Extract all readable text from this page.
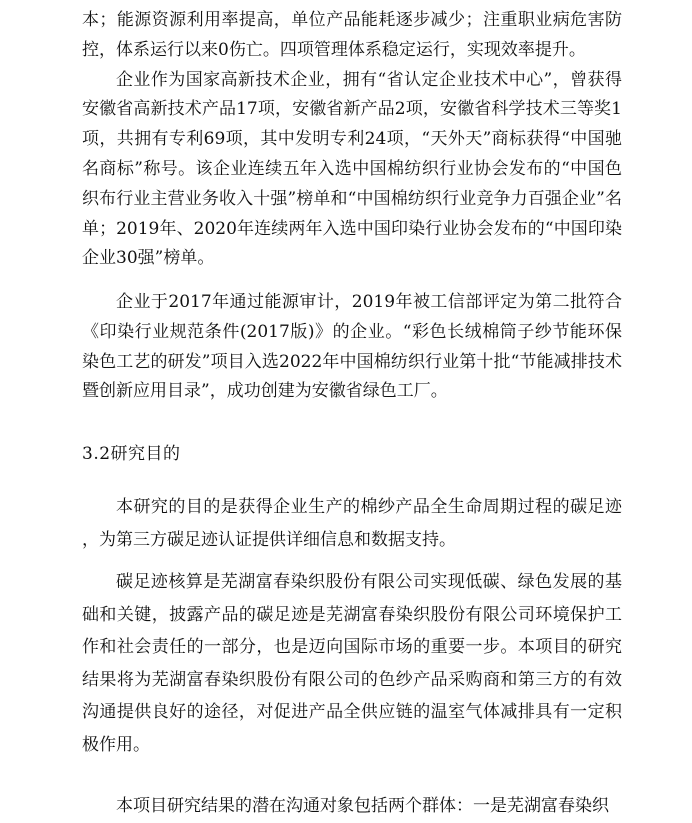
本；能源资源利用率提高，单位产品能耗逐步减少；注重职业病危害防控，体系运行以来0伤亡。四项管理体系稳定运行，实现效率提升。

企业作为国家高新技术企业，拥有“省认定企业技术中心”，曾获得安徽省高新技术产品17项，安徽省新产品2项，安徽省科学技术三等奖1项，共拥有专利69项，其中发明专利24项，“天外天”商标获得“中国驰名商标”称号。该企业连续五年入选中国棉纺织行业协会发布的“中国色织布行业主营业务收入十强”榜单和“中国棉纺织行业竞争力百强企业”名单；2019年、2020年连续两年入选中国印染行业协会发布的“中国印染企业30强”榜单。

企业于2017年通过能源审计，2019年被工信部评定为第二批符合《印染行业规范条件(2017版)》的企业。“彩色长绒棉筒子纱节能环保染色工艺的研发”项目入选2022年中国棉纺织行业第十批“节能减排技术暨创新应用目录”，成功创建为安徽省绿色工厂。

3.2研究目的

本研究的目的是获得企业生产的棉纱产品全生命周期过程的碳足迹，为第三方碳足迹认证提供详细信息和数据支持。

碳足迹核算是芜湖富春染织股份有限公司实现低碳、绿色发展的基础和关键，披露产品的碳足迹是芜湖富春染织股份有限公司环境保护工作和社会责任的一部分，也是迈向国际市场的重要一步。本项目的研究结果将为芜湖富春染织股份有限公司的色纱产品采购商和第三方的有效沟通提供良好的途径，对促进产品全供应链的温室气体减排具有一定积极作用。

本项目研究结果的潜在沟通对象包括两个群体：一是芜湖富春染织
